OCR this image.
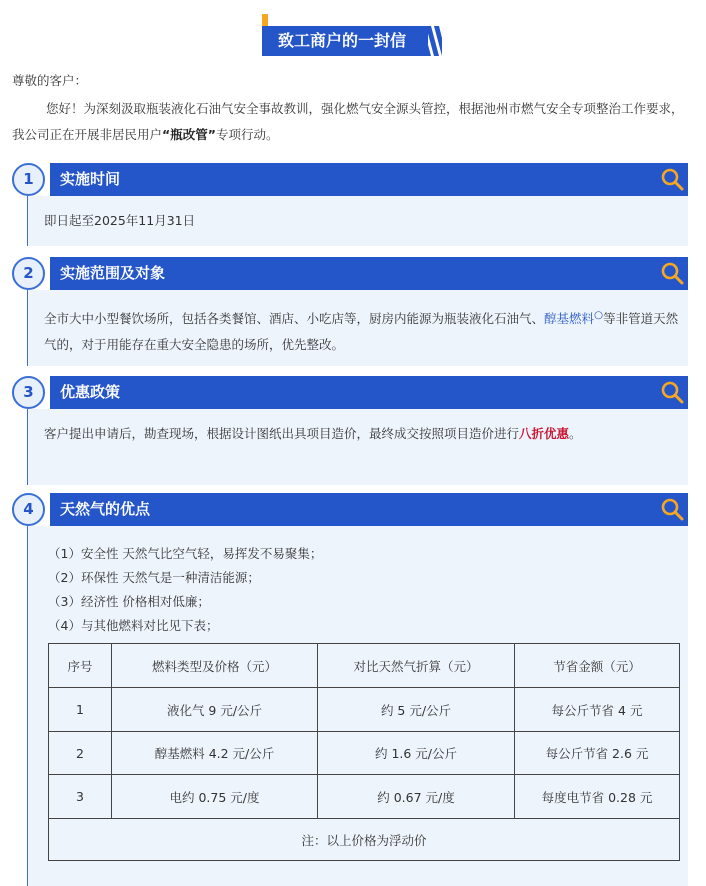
致工商户的一封信
尊敬的客户：

您好！为深刻汲取瓶装液化石油气安全事故教训，强化燃气安全源头管控，根据池州市燃气安全专项整治工作要求，我公司正在开展非居民用户“瓶改管”专项行动。

1	实施时间
即日起至2025年11月31日
2	实施范围及对象
全市大中小型餐饮场所，包括各类餐馆、酒店、小吃店等，厨房内能源为瓶装液化石油气、醇基燃料○等非管道天然气的，对于用能存在重大安全隐患的场所，优先整改。
3	优惠政策
客户提出申请后，勘查现场，根据设计图纸出具项目造价，最终成交按照项目造价进行八折优惠。
4	天然气的优点
（1）安全性 天然气比空气轻，易挥发不易聚集；
（2）环保性 天然气是一种清洁能源；
（3）经济性 价格相对低廉；
（4）与其他燃料对比见下表；
序号	燃料类型及价格（元）	对比天然气折算（元）	节省金额（元）
1	液化气 9 元/公斤	约 5 元/公斤	每公斤节省 4 元
2	醇基燃料 4.2 元/公斤	约 1.6 元/公斤	每公斤节省 2.6 元
3	电约 0.75 元/度	约 0.67 元/度	每度电节省 0.28 元
注：以上价格为浮动价			
